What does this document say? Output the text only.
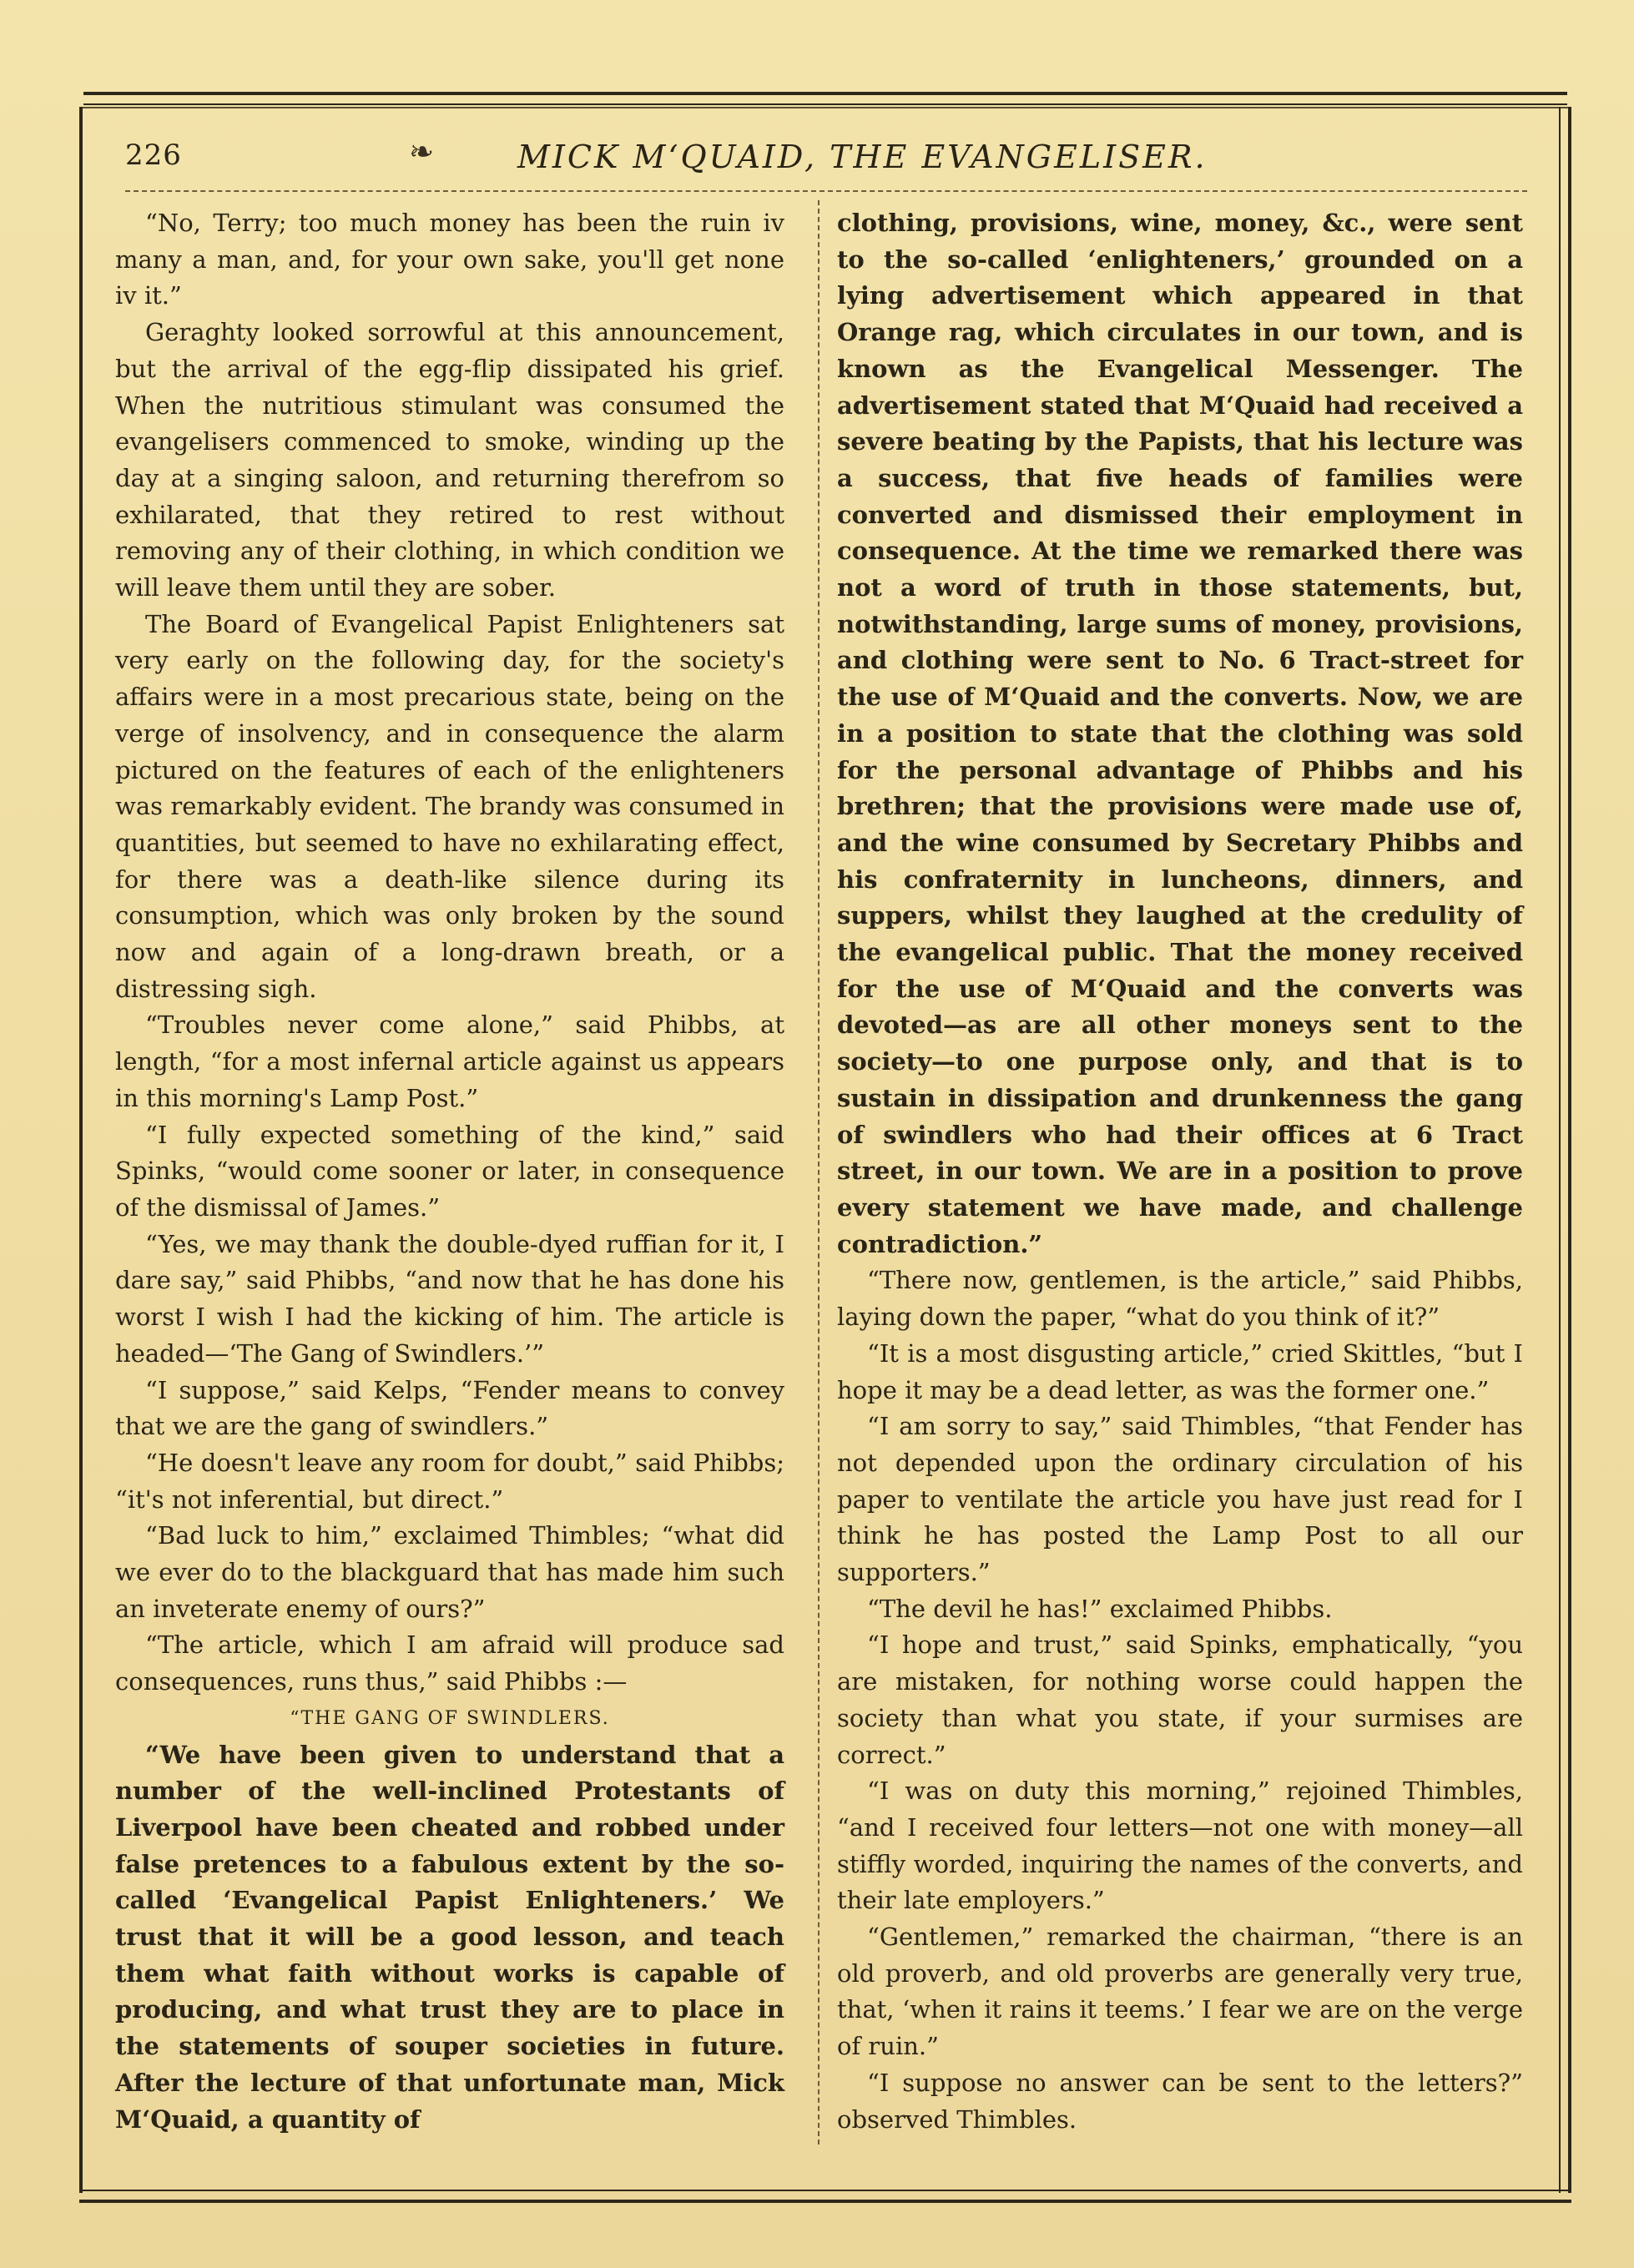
226	❧	MICK M‘QUAID, THE EVANGELISER.

“No, Terry; too much money has been the ruin iv many a man, and, for your own sake, you'll get none iv it.”

Geraghty looked sorrowful at this announcement, but the arrival of the egg-flip dissipated his grief. When the nutritious stimulant was consumed the evangelisers commenced to smoke, winding up the day at a singing saloon, and returning therefrom so exhilarated, that they retired to rest without removing any of their clothing, in which condition we will leave them until they are sober.

The Board of Evangelical Papist Enlighteners sat very early on the following day, for the society's affairs were in a most precarious state, being on the verge of insolvency, and in consequence the alarm pictured on the features of each of the enlighteners was remarkably evident. The brandy was consumed in quantities, but seemed to have no exhilarating effect, for there was a death-like silence during its consumption, which was only broken by the sound now and again of a long-drawn breath, or a distressing sigh.

“Troubles never come alone,” said Phibbs, at length, “for a most infernal article against us appears in this morning's Lamp Post.”

“I fully expected something of the kind,” said Spinks, “would come sooner or later, in consequence of the dismissal of James.”

“Yes, we may thank the double-dyed ruffian for it, I dare say,” said Phibbs, “and now that he has done his worst I wish I had the kicking of him. The article is headed—‘The Gang of Swindlers.’”

“I suppose,” said Kelps, “Fender means to convey that we are the gang of swindlers.”

“He doesn't leave any room for doubt,” said Phibbs; “it's not inferential, but direct.”

“Bad luck to him,” exclaimed Thimbles; “what did we ever do to the blackguard that has made him such an inveterate enemy of ours?”

“The article, which I am afraid will produce sad consequences, runs thus,” said Phibbs :—

“THE GANG OF SWINDLERS.

“We have been given to understand that a number of the well-inclined Protestants of Liverpool have been cheated and robbed under false pretences to a fabulous extent by the so-called ‘Evangelical Papist Enlighteners.’ We trust that it will be a good lesson, and teach them what faith without works is capable of producing, and what trust they are to place in the statements of souper societies in future. After the lecture of that unfortunate man, Mick M‘Quaid, a quantity of

clothing, provisions, wine, money, &c., were sent to the so-called ‘enlighteners,’ grounded on a lying advertisement which appeared in that Orange rag, which circulates in our town, and is known as the Evangelical Messenger. The advertisement stated that M‘Quaid had received a severe beating by the Papists, that his lecture was a success, that five heads of families were converted and dismissed their employment in consequence. At the time we remarked there was not a word of truth in those statements, but, notwithstanding, large sums of money, provisions, and clothing were sent to No. 6 Tract-street for the use of M‘Quaid and the converts. Now, we are in a position to state that the clothing was sold for the personal advantage of Phibbs and his brethren; that the provisions were made use of, and the wine consumed by Secretary Phibbs and his confraternity in luncheons, dinners, and suppers, whilst they laughed at the credulity of the evangelical public. That the money received for the use of M‘Quaid and the converts was devoted—as are all other moneys sent to the society—to one purpose only, and that is to sustain in dissipation and drunkenness the gang of swindlers who had their offices at 6 Tract street, in our town. We are in a position to prove every statement we have made, and challenge contradiction.”

“There now, gentlemen, is the article,” said Phibbs, laying down the paper, “what do you think of it?”

“It is a most disgusting article,” cried Skittles, “but I hope it may be a dead letter, as was the former one.”

“I am sorry to say,” said Thimbles, “that Fender has not depended upon the ordinary circulation of his paper to ventilate the article you have just read for I think he has posted the Lamp Post to all our supporters.”

“The devil he has!” exclaimed Phibbs.

“I hope and trust,” said Spinks, emphatically, “you are mistaken, for nothing worse could happen the society than what you state, if your surmises are correct.”

“I was on duty this morning,” rejoined Thimbles, “and I received four letters—not one with money—all stiffly worded, inquiring the names of the converts, and their late employers.”

“Gentlemen,” remarked the chairman, “there is an old proverb, and old proverbs are generally very true, that, ‘when it rains it teems.’ I fear we are on the verge of ruin.”

“I suppose no answer can be sent to the letters?” observed Thimbles.
